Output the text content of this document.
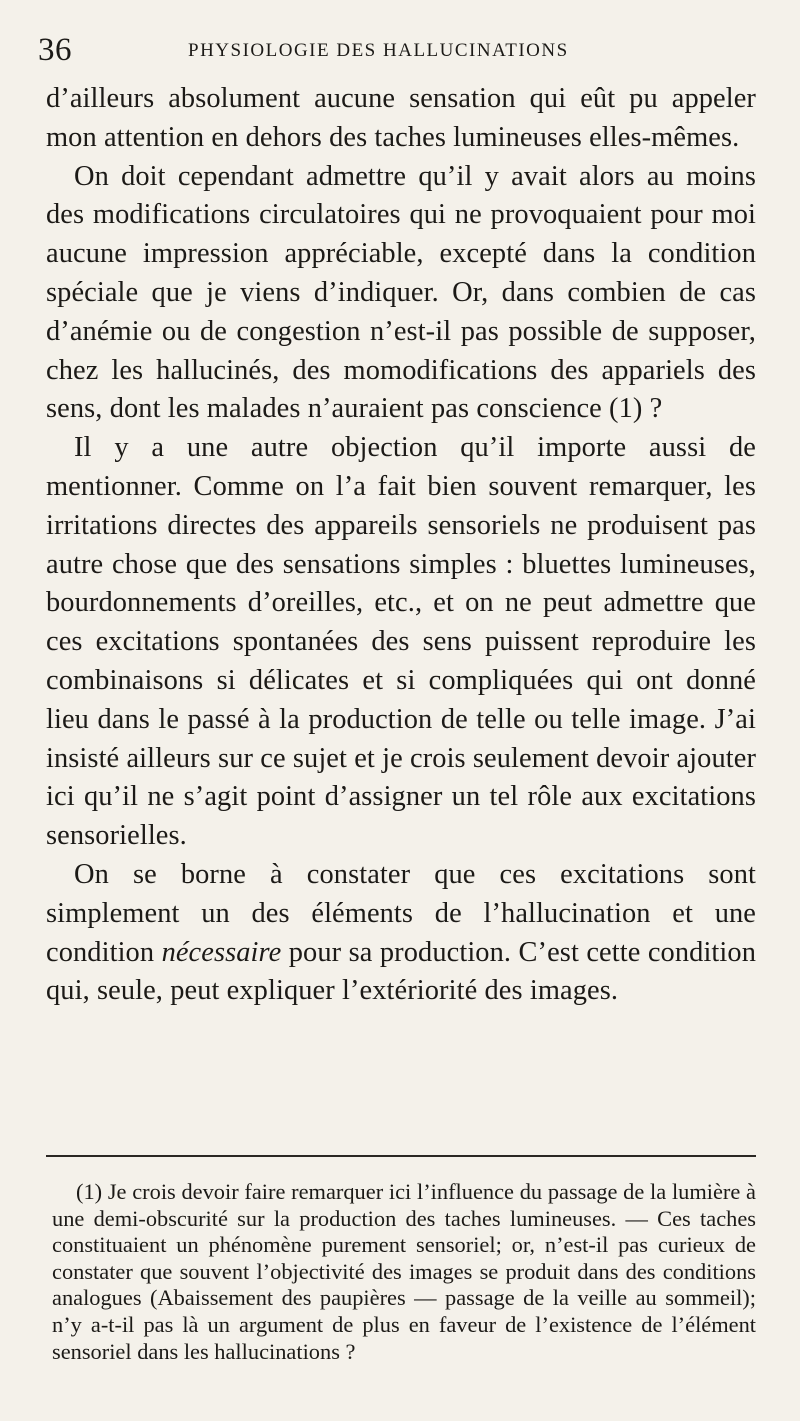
36	PHYSIOLOGIE DES HALLUCINATIONS

d’ailleurs absolument aucune sensation qui eût pu appeler mon attention en dehors des taches lumineuses elles-mêmes.

On doit cependant admettre qu’il y avait alors au moins des modifications circulatoires qui ne provoquaient pour moi aucune impression appréciable, excepté dans la condition spéciale que je viens d’indiquer. Or, dans combien de cas d’anémie ou de congestion n’est-il pas possible de supposer, chez les hallucinés, des momodifications des appariels des sens, dont les malades n’auraient pas conscience (1) ?

Il y a une autre objection qu’il importe aussi de mentionner. Comme on l’a fait bien souvent remarquer, les irritations directes des appareils sensoriels ne produisent pas autre chose que des sensations simples : bluettes lumineuses, bourdonnements d’oreilles, etc., et on ne peut admettre que ces excitations spontanées des sens puissent reproduire les combinaisons si délicates et si compliquées qui ont donné lieu dans le passé à la production de telle ou telle image. J’ai insisté ailleurs sur ce sujet et je crois seulement devoir ajouter ici qu’il ne s’agit point d’assigner un tel rôle aux excitations sensorielles.

On se borne à constater que ces excitations sont simplement un des éléments de l’hallucination et une condition nécessaire pour sa production. C’est cette condition qui, seule, peut expliquer l’extériorité des images.

(1) Je crois devoir faire remarquer ici l’influence du passage de la lumière à une demi-obscurité sur la production des taches lumineuses. — Ces taches constituaient un phénomène purement sensoriel; or, n’est-il pas curieux de constater que souvent l’objectivité des images se produit dans des conditions analogues (Abaissement des paupières — passage de la veille au sommeil); n’y a-t-il pas là un argument de plus en faveur de l’existence de l’élément sensoriel dans les hallucinations ?
